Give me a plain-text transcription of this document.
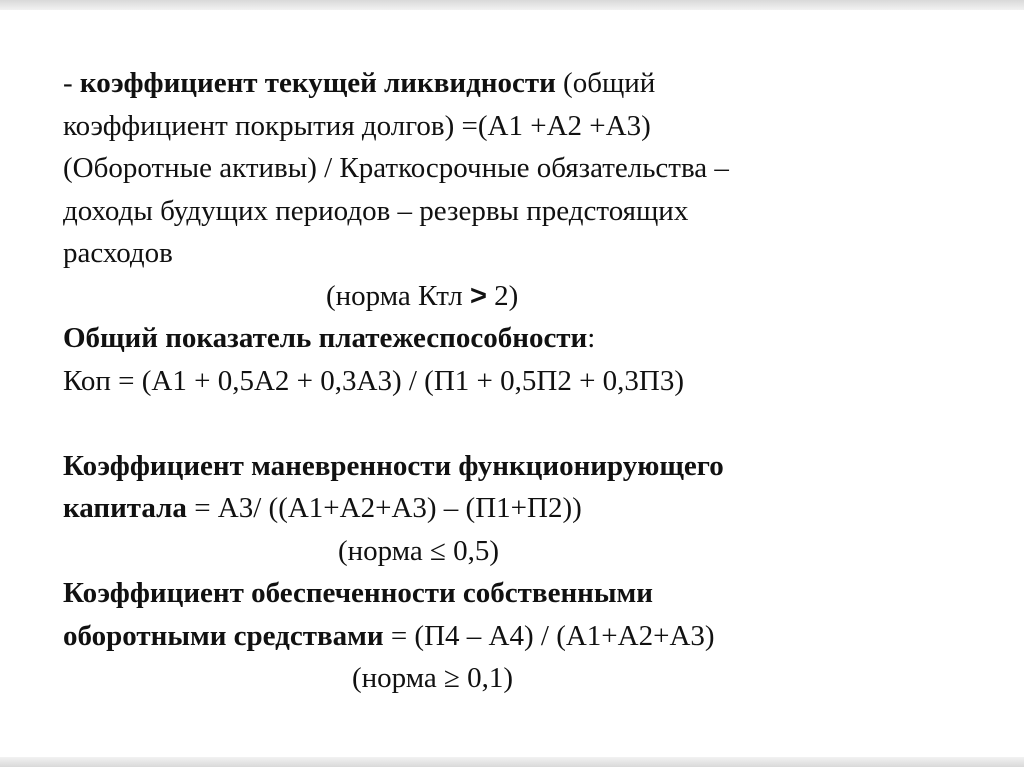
- коэффициент текущей ликвидности (общий
коэффициент покрытия долгов) =(А1 +А2 +А3)
(Оборотные активы) / Краткосрочные обязательства –
доходы будущих периодов – резервы предстоящих
расходов
(норма Ктл > 2)
Общий показатель платежеспособности:
Коп = (А1 + 0,5А2 + 0,3А3) / (П1 + 0,5П2 + 0,3П3)
Коэффициент маневренности функционирующего
капитала = А3/ ((А1+А2+А3) – (П1+П2))
(норма ≤ 0,5)
Коэффициент обеспеченности собственными
оборотными средствами = (П4 – А4) / (А1+А2+А3)
(норма ≥ 0,1)
